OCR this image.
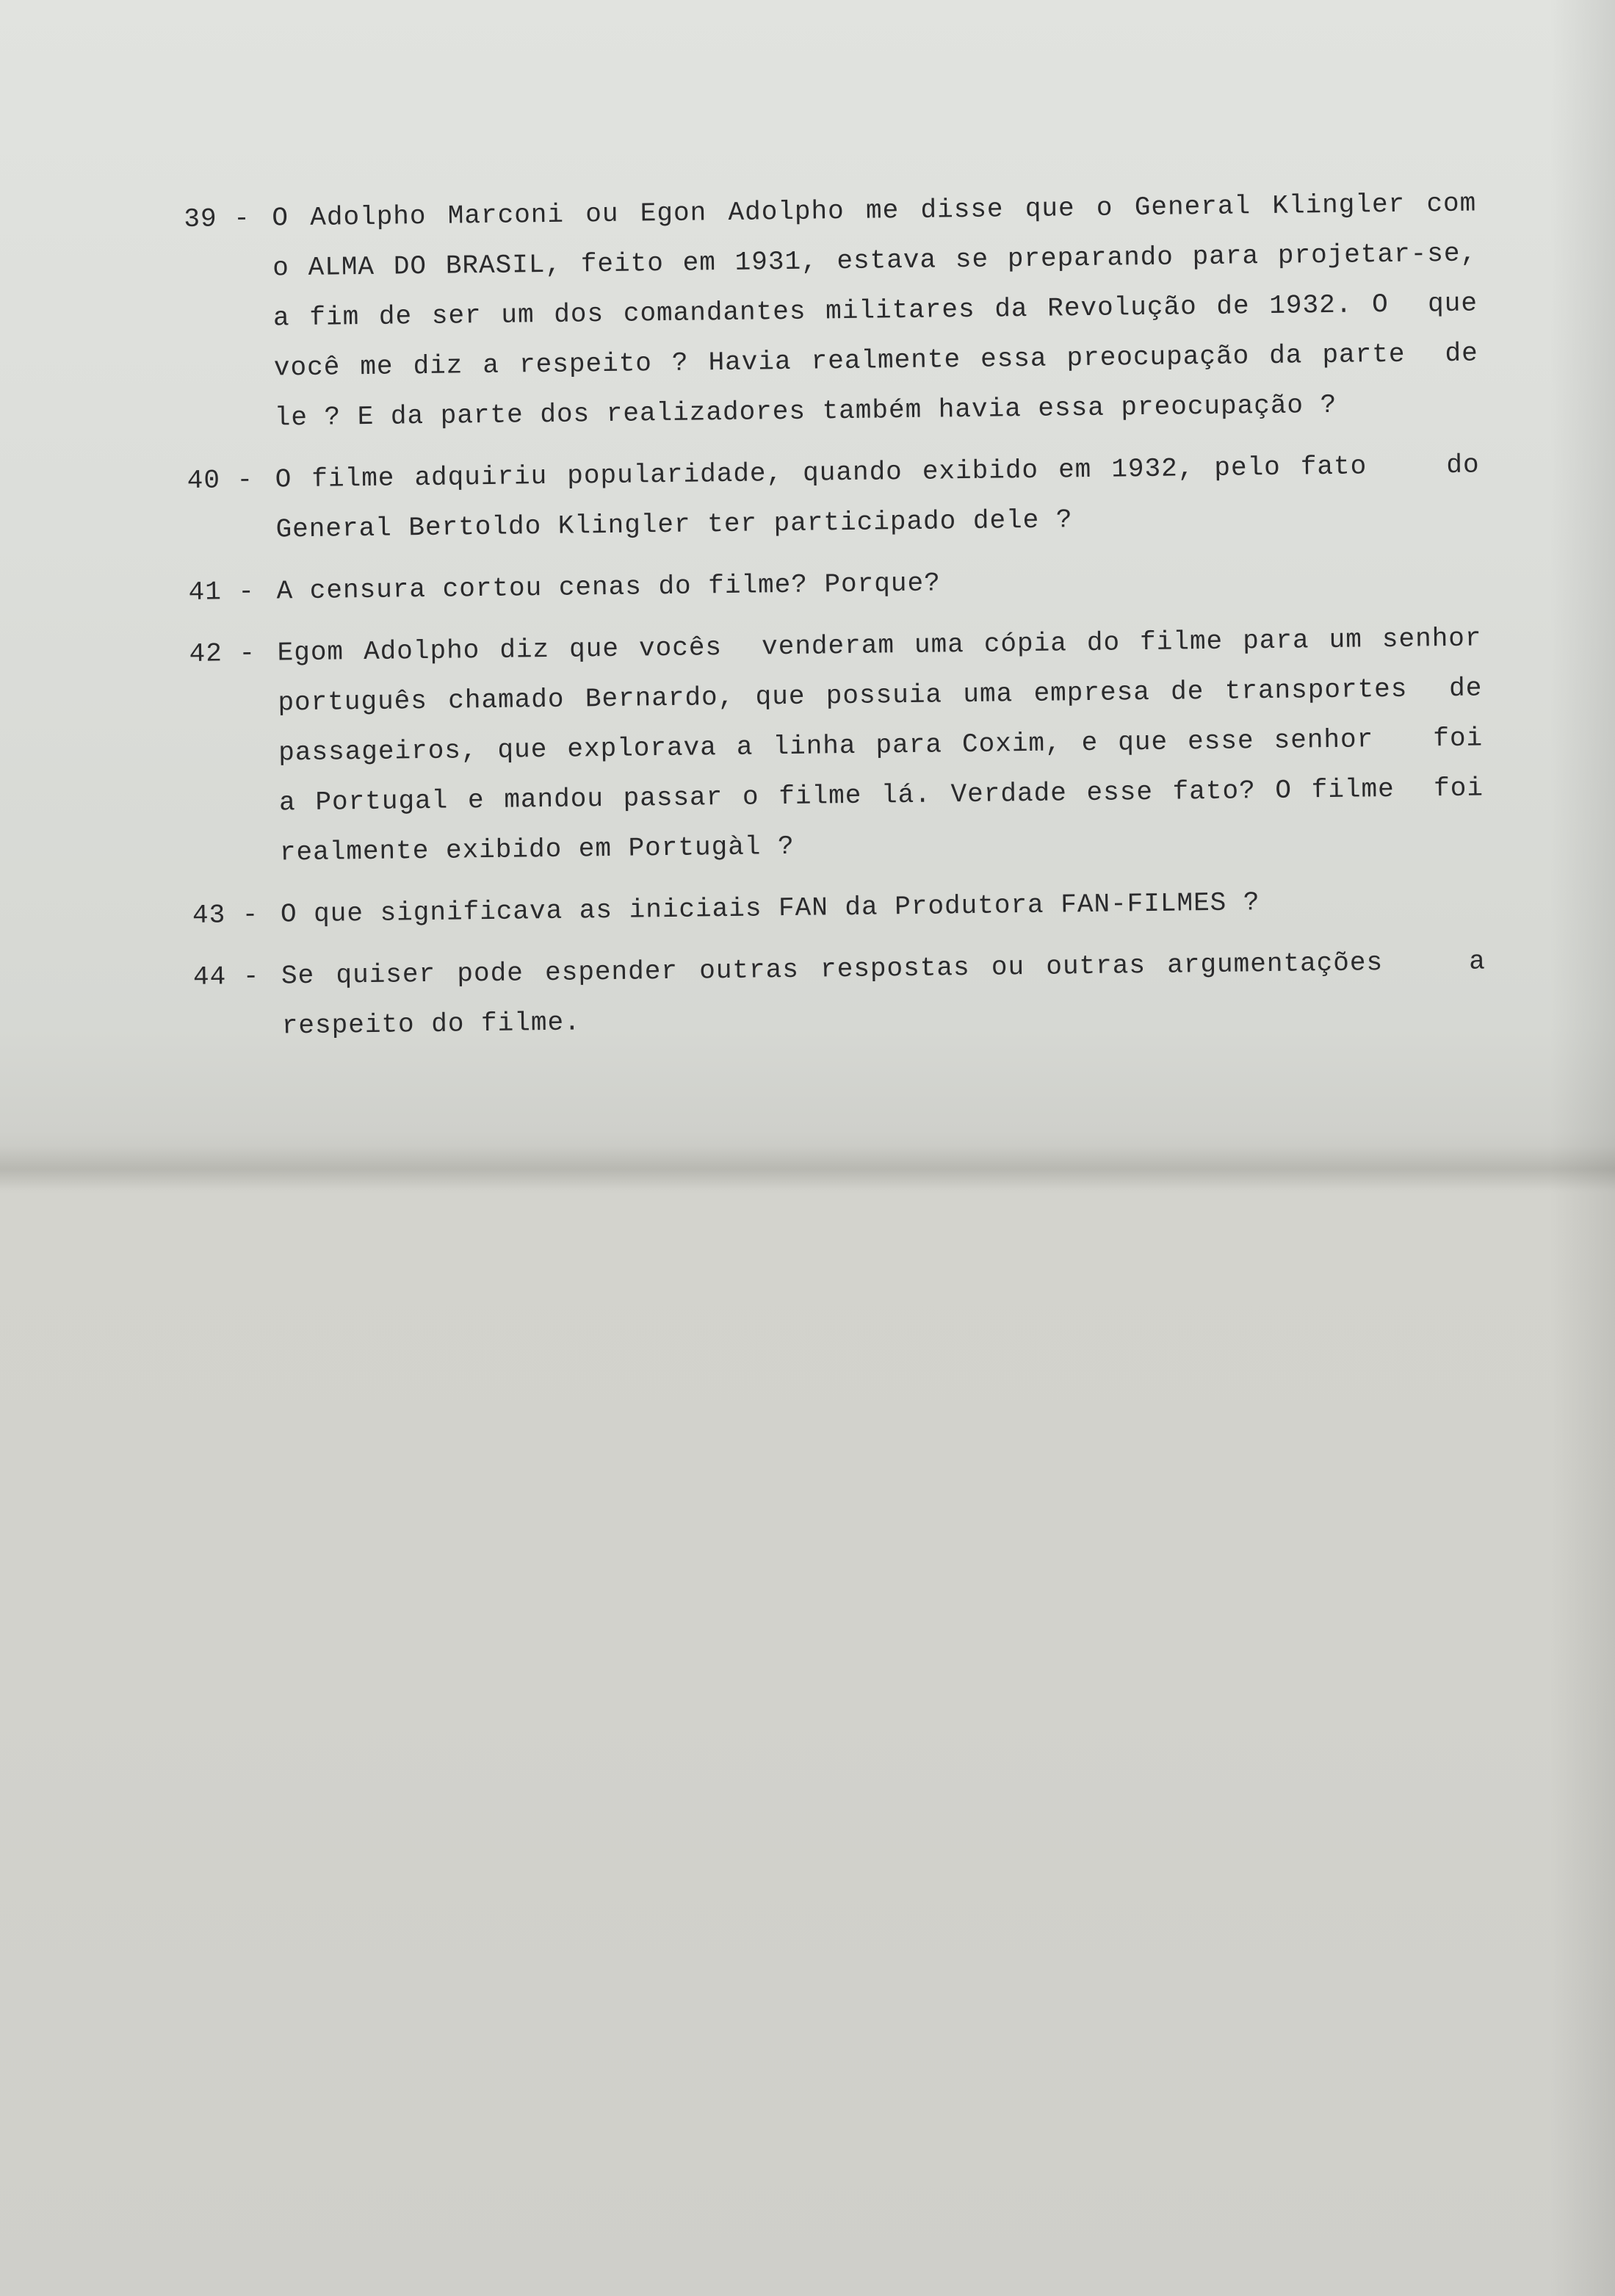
39 - O Adolpho Marconi ou Egon Adolpho me disse que o General Klingler com
o ALMA DO BRASIL, feito em 1931, estava se preparando para projetar-se,
a fim de ser um dos comandantes militares da Revolução de 1932. O  que
você me diz a respeito ? Havia realmente essa preocupação da parte  de
le ? E da parte dos realizadores também havia essa preocupação ?
40 - O filme adquiriu popularidade, quando exibido em 1932, pelo fato    do
General Bertoldo Klingler ter participado dele ?
41 - A censura cortou cenas do filme? Porque?
42 - Egom Adolpho diz que vocês  venderam uma cópia do filme para um senhor
português chamado Bernardo, que possuia uma empresa de transportes  de
passageiros, que explorava a linha para Coxim, e que esse senhor   foi
a Portugal e mandou passar o filme lá. Verdade esse fato? O filme  foi
realmente exibido em Portugàl ?
43 - O que significava as iniciais FAN da Produtora FAN-FILMES ?
44 - Se quiser pode espender outras respostas ou outras argumentações    a
respeito do filme.
